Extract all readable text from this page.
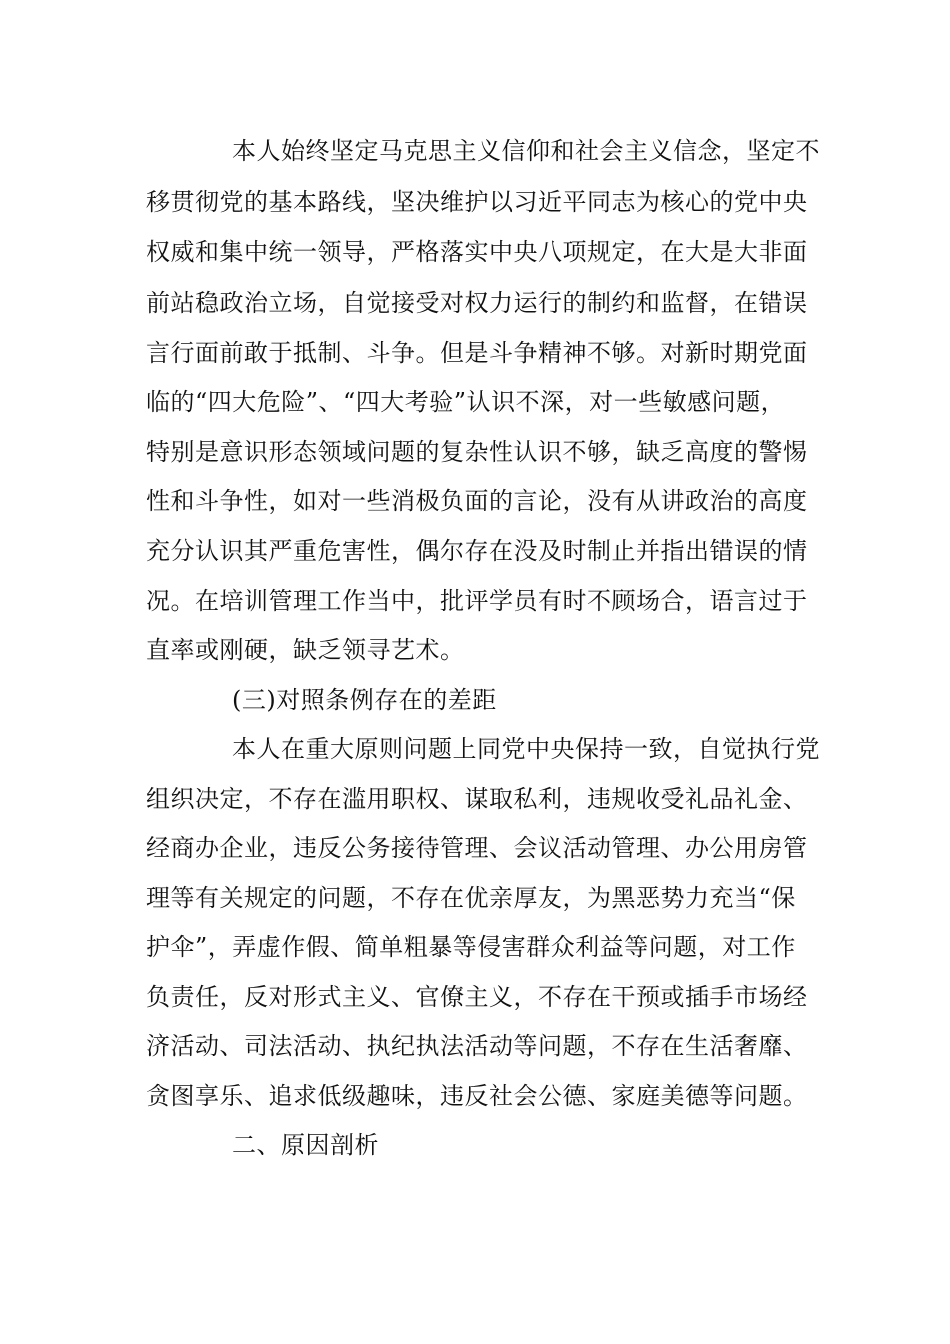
本人始终坚定马克思主义信仰和社会主义信念，坚定不
移贯彻党的基本路线，坚决维护以习近平同志为核心的党中央
权威和集中统一领导，严格落实中央八项规定，在大是大非面
前站稳政治立场，自觉接受对权力运行的制约和监督，在错误
言行面前敢于抵制、斗争。但是斗争精神不够。对新时期党面
临的“四大危险”、“四大考验”认识不深，对一些敏感问题，
特别是意识形态领域问题的复杂性认识不够，缺乏高度的警惕
性和斗争性，如对一些消极负面的言论，没有从讲政治的高度
充分认识其严重危害性，偶尔存在没及时制止并指出错误的情
况。在培训管理工作当中，批评学员有时不顾场合，语言过于
直率或刚硬，缺乏领寻艺术。
(三)对照条例存在的差距
本人在重大原则问题上同党中央保持一致，自觉执行党
组织决定，不存在滥用职权、谋取私利，违规收受礼品礼金、
经商办企业，违反公务接待管理、会议活动管理、办公用房管
理等有关规定的问题，不存在优亲厚友，为黑恶势力充当“保
护伞”，弄虚作假、简单粗暴等侵害群众利益等问题，对工作
负责任，反对形式主义、官僚主义，不存在干预或插手市场经
济活动、司法活动、执纪执法活动等问题，不存在生活奢靡、
贪图享乐、追求低级趣味，违反社会公德、家庭美德等问题。
二、原因剖析
